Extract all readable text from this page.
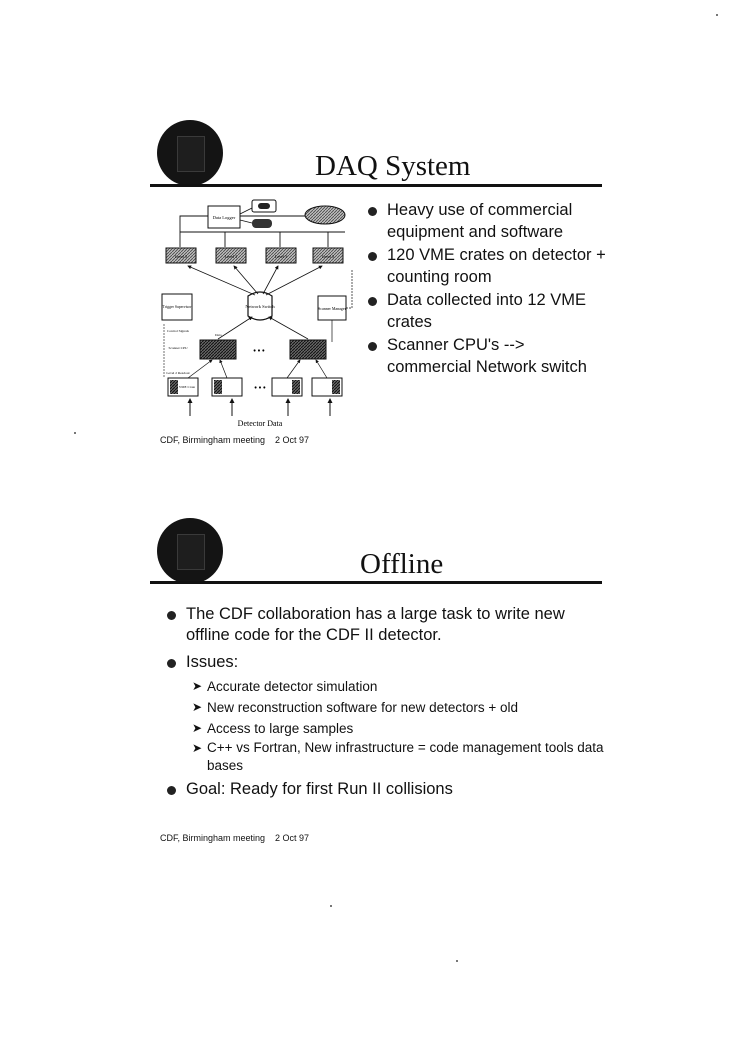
DAQ System
Data Logger
Level 3	Level 3	Level 3	Level 3
Network Switch	Scanner Manager
Trigger Supervisor
Control Signals
Scanner CPU	• • •
Data
Level 2 Readout
VME Crate	• • •
Detector Data
Heavy use of commercial equipment and software
120 VME crates on detector + counting room
Data collected into 12 VME crates
Scanner CPU's --> commercial Network switch
CDF, Birmingham meeting 2 Oct 97
Offline
The CDF collaboration has a large task to write new offline code for the CDF II detector.
Issues:
➤ Accurate detector simulation
➤ New reconstruction software for new detectors + old
➤ Access to large samples
➤ C++ vs Fortran, New infrastructure = code management tools data bases
Goal: Ready for first Run II collisions
CDF, Birmingham meeting 2 Oct 97
